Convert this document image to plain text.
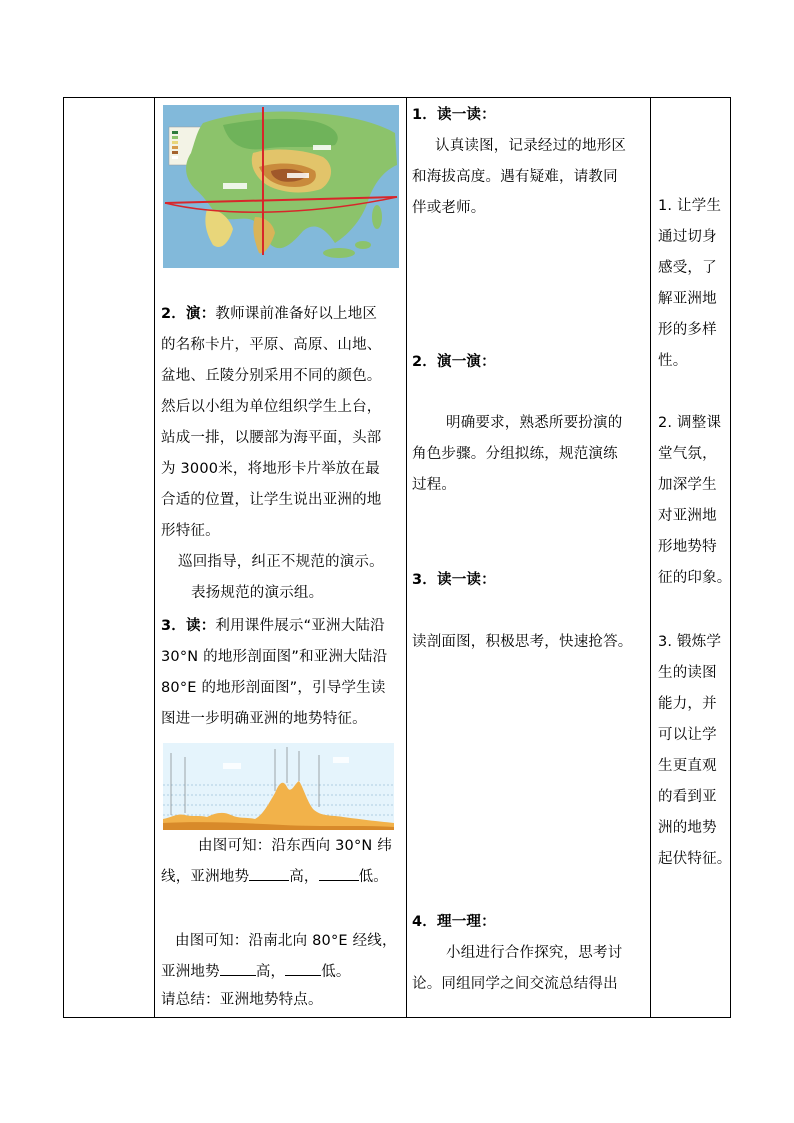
2．演：教师课前准备好以上地区
的名称卡片，平原、高原、山地、
盆地、丘陵分别采用不同的颜色。
然后以小组为单位组织学生上台，
站成一排，以腰部为海平面，头部
为 3000米，将地形卡片举放在最
合适的位置，让学生说出亚洲的地
形特征。
巡回指导，纠正不规范的演示。
表扬规范的演示组。
3．读：利用课件展示“亚洲大陆沿
30°N 的地形剖面图”和亚洲大陆沿
80°E 的地形剖面图”，引导学生读
图进一步明确亚洲的地势特征。
由图可知：沿东西向 30°N 纬
线，亚洲地势	高，	低。
由图可知：沿南北向 80°E 经线，
亚洲地势 高， 低。
请总结：亚洲地势特点。
1．读一读：
认真读图，记录经过的地形区
和海拔高度。遇有疑难，请教同
伴或老师。
2．演一演：
明确要求，熟悉所要扮演的
角色步骤。分组拟练，规范演练
过程。
3．读一读：
读剖面图，积极思考，快速抢答。
4．理一理：
小组进行合作探究，思考讨
论。同组同学之间交流总结得出
1. 让学生
通过切身
感受，了
解亚洲地
形的多样
性。
2. 调整课
堂气氛，
加深学生
对亚洲地
形地势特
征的印象。
3. 锻炼学
生的读图
能力，并
可以让学
生更直观
的看到亚
洲的地势
起伏特征。
